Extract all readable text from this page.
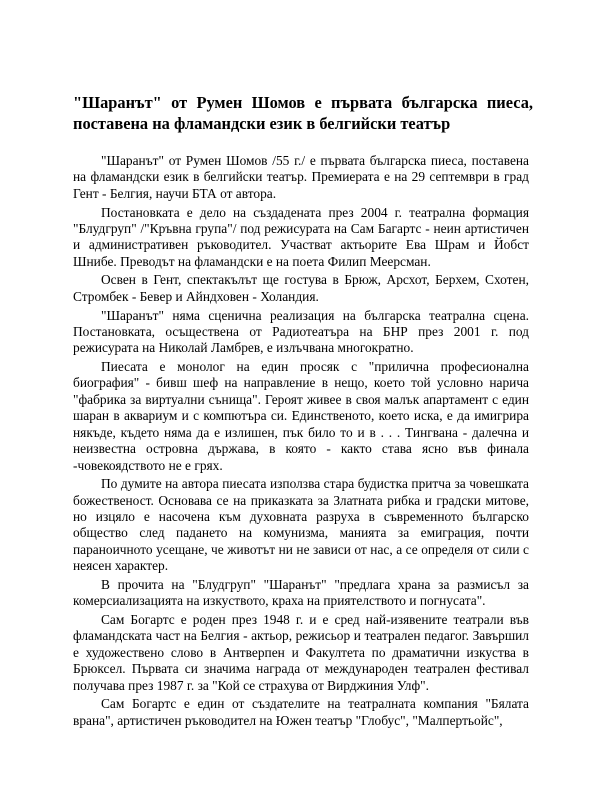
"Шаранът" от Румен Шомов е първата българска пиеса, поставена на фламандски език в белгийски театър

"Шаранът" от Румен Шомов /55 г./ е първата българска пиеса, поставена на фламандски език в белгийски театър. Премиерата е на 29 септември в град Гент - Белгия, научи БТА от автора.

Постановката е дело на създадената през 2004 г. театрална формация "Блудгруп" /"Кръвна група"/ под режисурата на Сам Багартс - неин артистичен и административен ръководител. Участват актьорите Ева Шрам и Йобст Шнибе. Преводът на фламандски е на поета Филип Меерсман.

Освен в Гент, спектакълът ще гостува в Брюж, Арсхот, Берхем, Схотен, Стромбек - Бевер и Айндховен - Холандия.

"Шаранът" няма сценична реализация на българска театрална сцена. Постановката, осъществена от Радиотеатъра на БНР през 2001 г. под режисурата на Николай Ламбрев, е излъчвана многократно.

Пиесата е монолог на един просяк с "прилична професионална биография" - бивш шеф на направление в нещо, което той условно нарича "фабрика за виртуални сънища". Героят живее в своя малък апартамент с един шаран в аквариум и с компютъра си. Единственото, което иска, е да имигрира някъде, където няма да е излишен, пък било то и в . . . Тингвана - далечна и неизвестна островна държава, в която - както става ясно във финала -човекоядството не е грях.

По думите на автора пиесата използва стара будистка притча за човешката божественост. Основава се на приказката за Златната рибка и градски митове, но изцяло е насочена към духовната разруха в съвременното българско общество след падането на комунизма, манията за емиграция, почти параноичното усещане, че животът ни не зависи от нас, а се определя от сили с неясен характер.

В прочита на "Блудгруп" "Шаранът" "предлага храна за размисъл за комерсиализацията на изкуството, краха на приятелството и погнусата".

Сам Богартс е роден през 1948 г. и е сред най-изявените театрали във фламандската част на Белгия - актьор, режисьор и театрален педагог. Завършил е художествено слово в Антверпен и Факултета по драматични изкуства в Брюксел. Първата си значима награда от международен театрален фестивал получава през 1987 г. за "Кой се страхува от Вирджиния Улф".

Сам Богартс е един от създателите на театралната компания "Бялата врана", артистичен ръководител на Южен театър "Глобус", "Малпертьойс",
